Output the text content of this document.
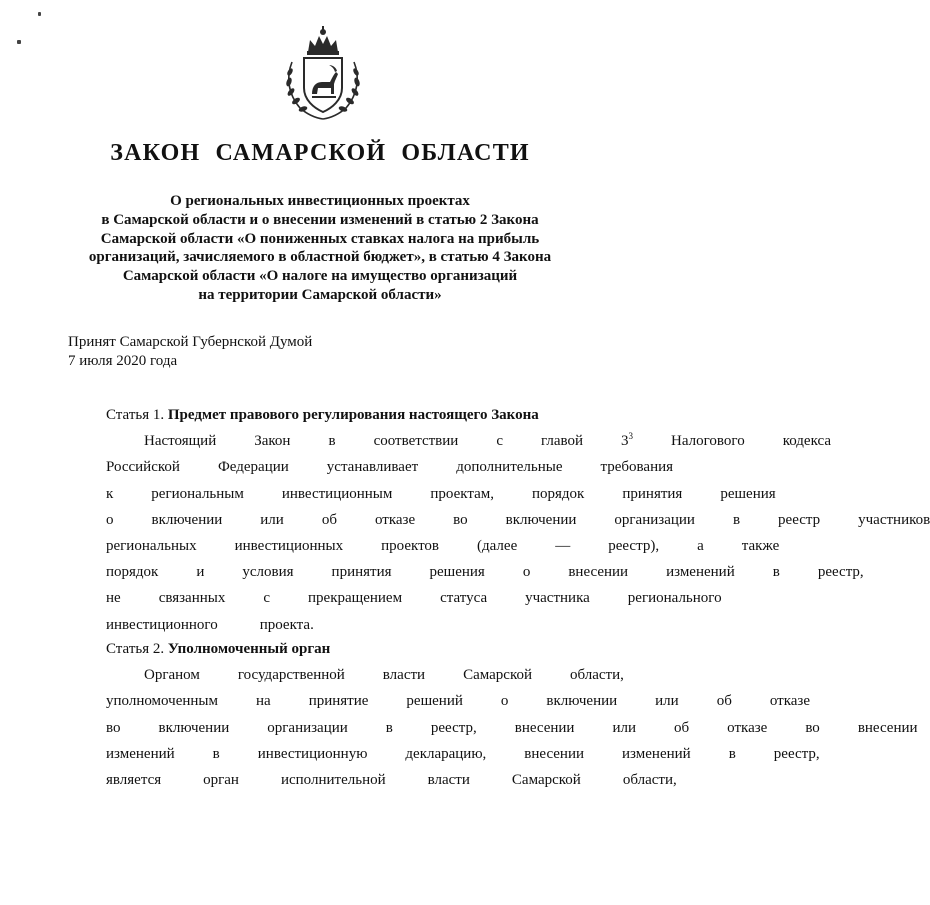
ЗАКОН САМАРСКОЙ ОБЛАСТИ
О региональных инвестиционных проектах
в Самарской области и о внесении изменений в статью 2 Закона
Самарской области «О пониженных ставках налога на прибыль
организаций, зачисляемого в областной бюджет», в статью 4 Закона
Самарской области «О налоге на имущество организаций
на территории Самарской области»
Принят Самарской Губернской Думой
7 июля 2020 года
Статья 1. Предмет правового регулирования настоящего Закона
Настоящий	Закон	в	соответствии	с	главой	$3^3$	Налогового	кодекса
Российской	Федерации	устанавливает	дополнительные	требования
к	региональным	инвестиционным	проектам,	порядок	принятия	решения
о	включении	или	об	отказе	во	включении	организации	в	реестр	участников
региональных	инвестиционных	проектов	(далее	—	реестр),	а	также
порядок	и	условия	принятия	решения	о	внесении	изменений	в	реестр,
не	связанных	с	прекращением	статуса	участника	регионального
инвестиционного	проекта.
Статья 2. Уполномоченный орган
Органом	государственной	власти	Самарской	области,
уполномоченным	на	принятие	решений	о	включении	или	об	отказе
во	включении	организации	в	реестр,	внесении	или	об	отказе	во	внесении
изменений	в	инвестиционную	декларацию,	внесении	изменений	в	реестр,
является	орган	исполнительной	власти	Самарской	области,
